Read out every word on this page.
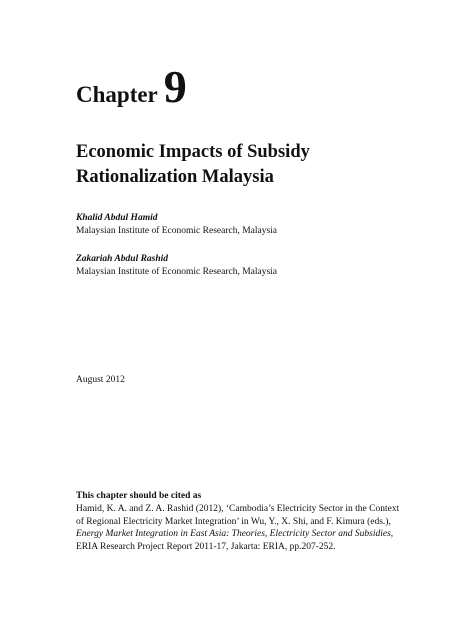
Chapter 9
Economic Impacts of Subsidy
Rationalization Malaysia
Khalid Abdul Hamid
Malaysian Institute of Economic Research, Malaysia
Zakariah Abdul Rashid
Malaysian Institute of Economic Research, Malaysia
August 2012
This chapter should be cited as
Hamid, K. A. and Z. A. Rashid (2012), ‘Cambodia’s Electricity Sector in the Context
of Regional Electricity Market Integration’ in Wu, Y., X. Shi, and F. Kimura (eds.),
Energy Market Integration in East Asia: Theories, Electricity Sector and Subsidies,
ERIA Research Project Report 2011-17, Jakarta: ERIA, pp.207-252.
